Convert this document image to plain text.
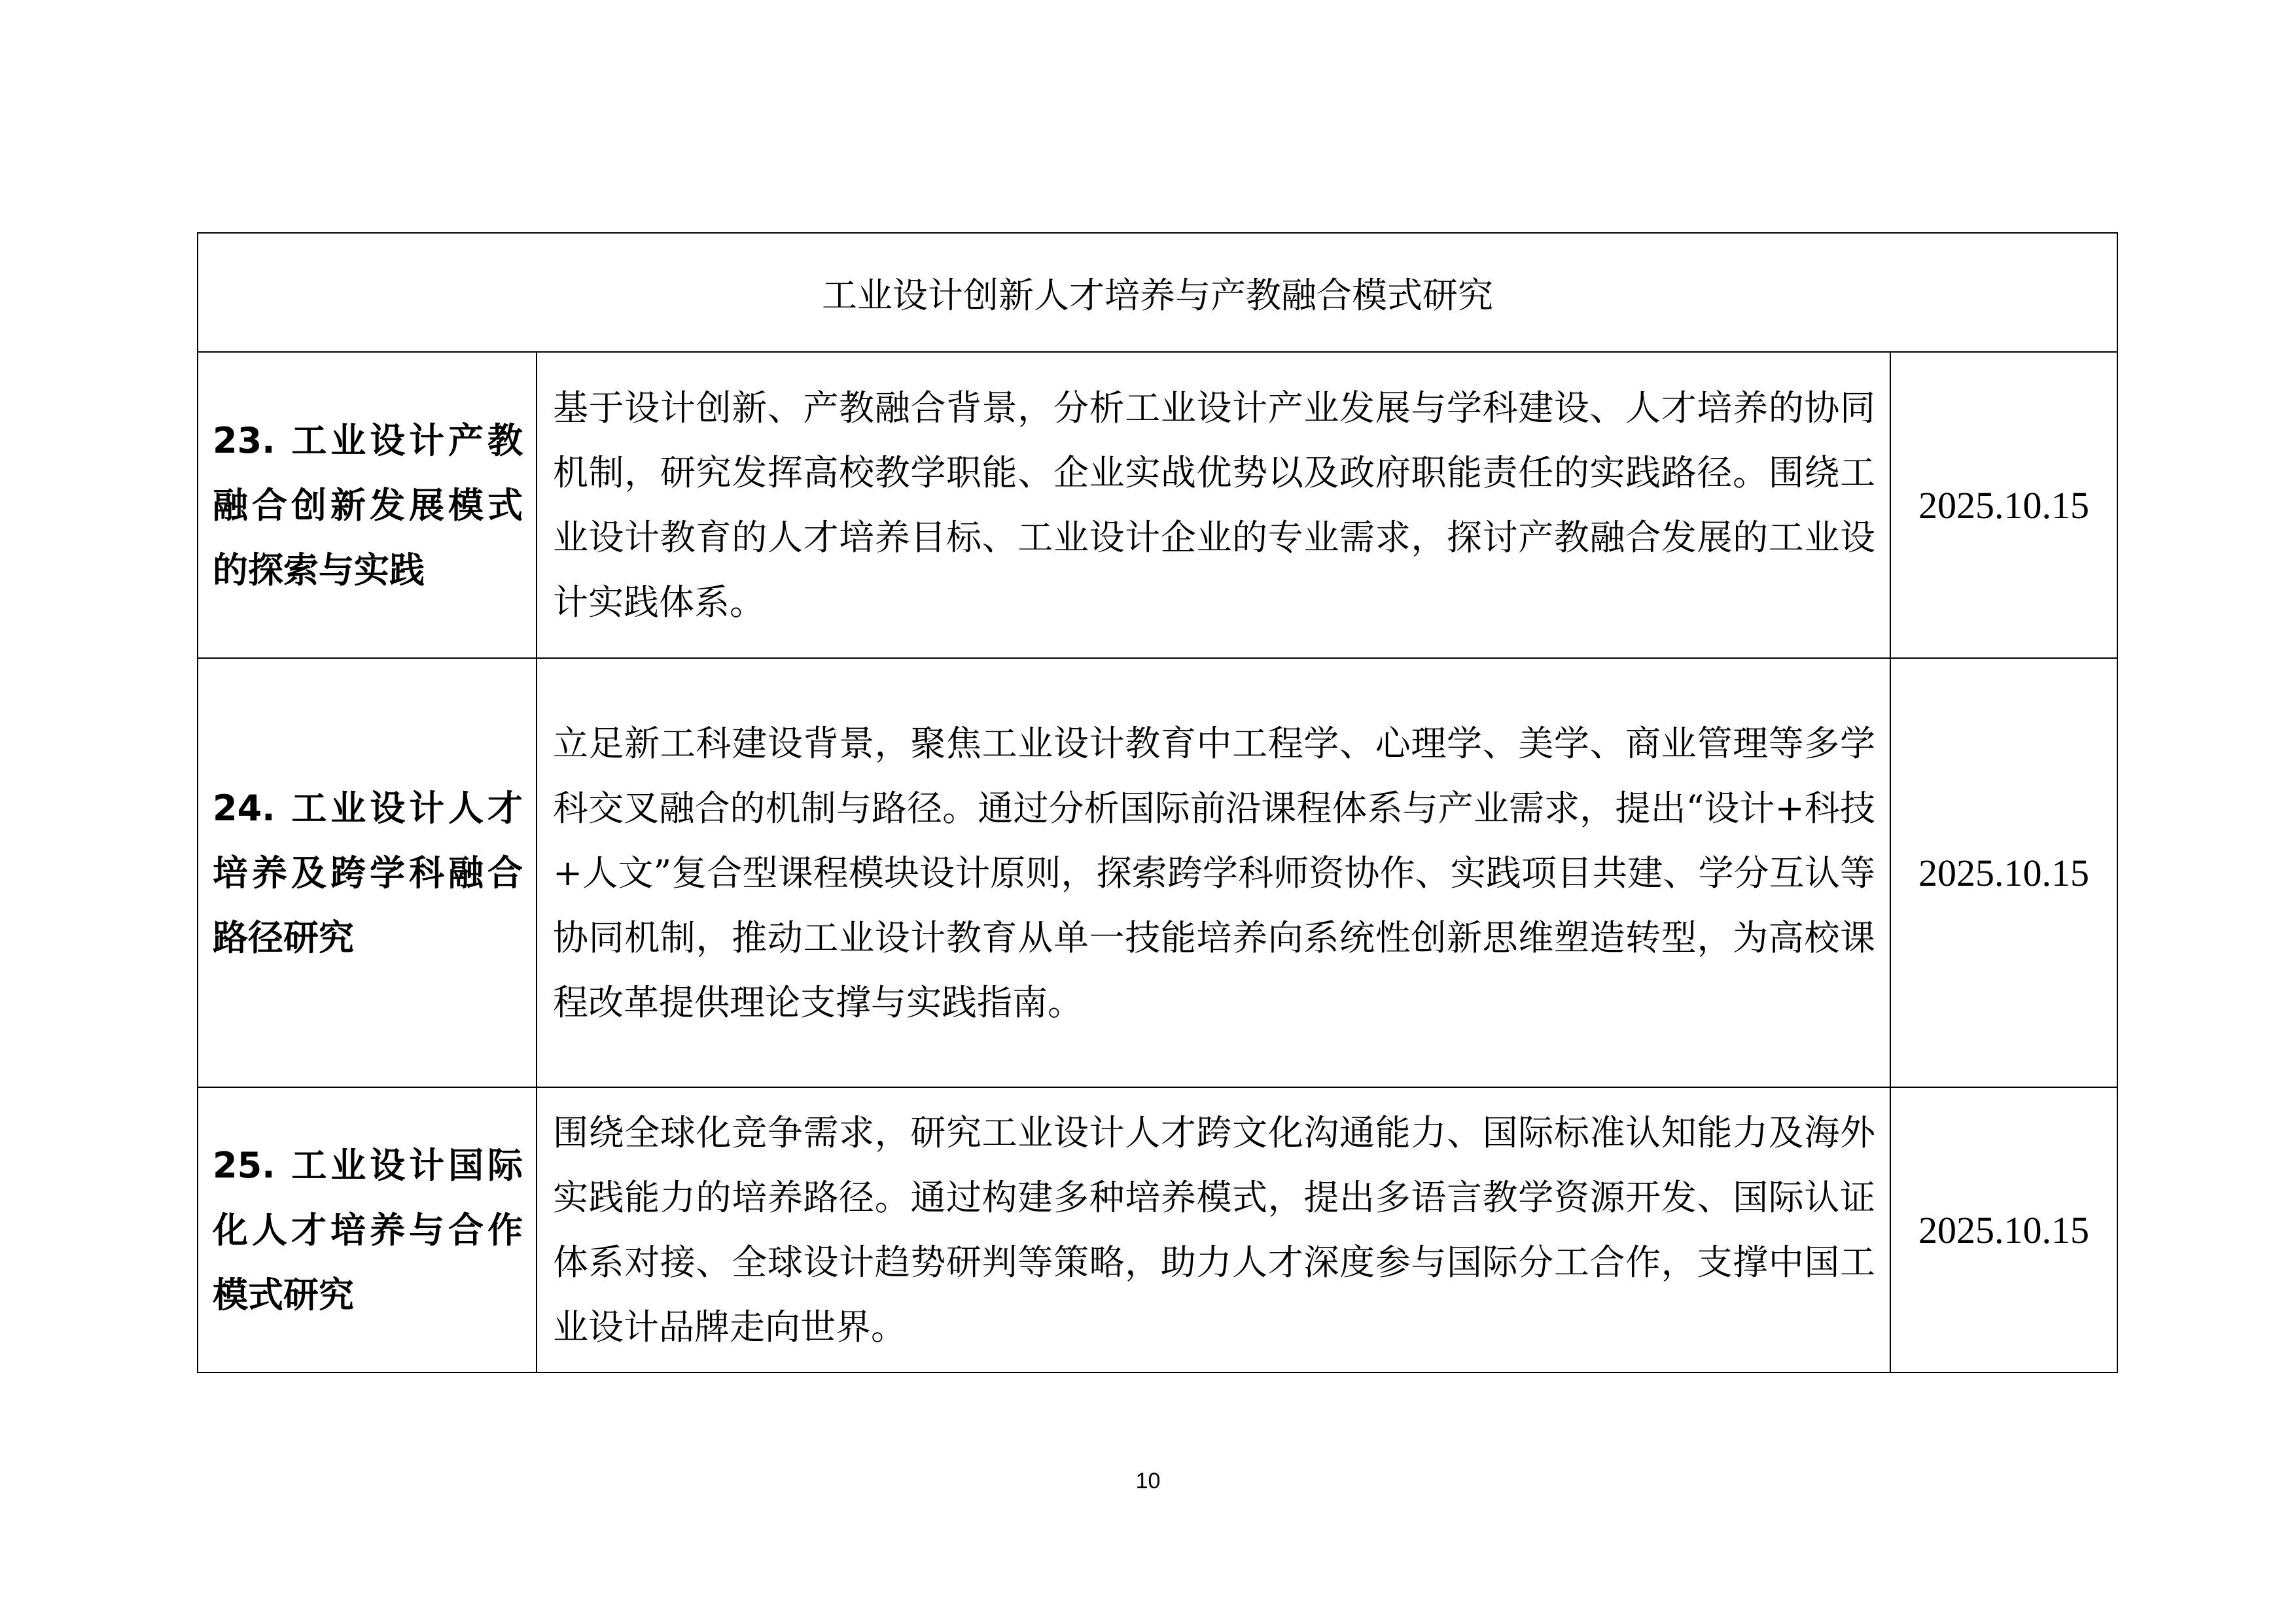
工业设计创新人才培养与产教融合模式研究		
23. 工业设计产教融合创新发展模式的探索与实践	基于设计创新、产教融合背景，分析工业设计产业发展与学科建设、人才培养的协同机制，研究发挥高校教学职能、企业实战优势以及政府职能责任的实践路径。围绕工业设计教育的人才培养目标、工业设计企业的专业需求，探讨产教融合发展的工业设计实践体系。	2025.10.15
24. 工业设计人才培养及跨学科融合路径研究	立足新工科建设背景，聚焦工业设计教育中工程学、心理学、美学、商业管理等多学科交叉融合的机制与路径。通过分析国际前沿课程体系与产业需求，提出“设计+科技+人文”复合型课程模块设计原则，探索跨学科师资协作、实践项目共建、学分互认等协同机制，推动工业设计教育从单一技能培养向系统性创新思维塑造转型，为高校课程改革提供理论支撑与实践指南。	2025.10.15
25. 工业设计国际化人才培养与合作模式研究	围绕全球化竞争需求，研究工业设计人才跨文化沟通能力、国际标准认知能力及海外实践能力的培养路径。通过构建多种培养模式，提出多语言教学资源开发、国际认证体系对接、全球设计趋势研判等策略，助力人才深度参与国际分工合作，支撑中国工业设计品牌走向世界。	2025.10.15
10
